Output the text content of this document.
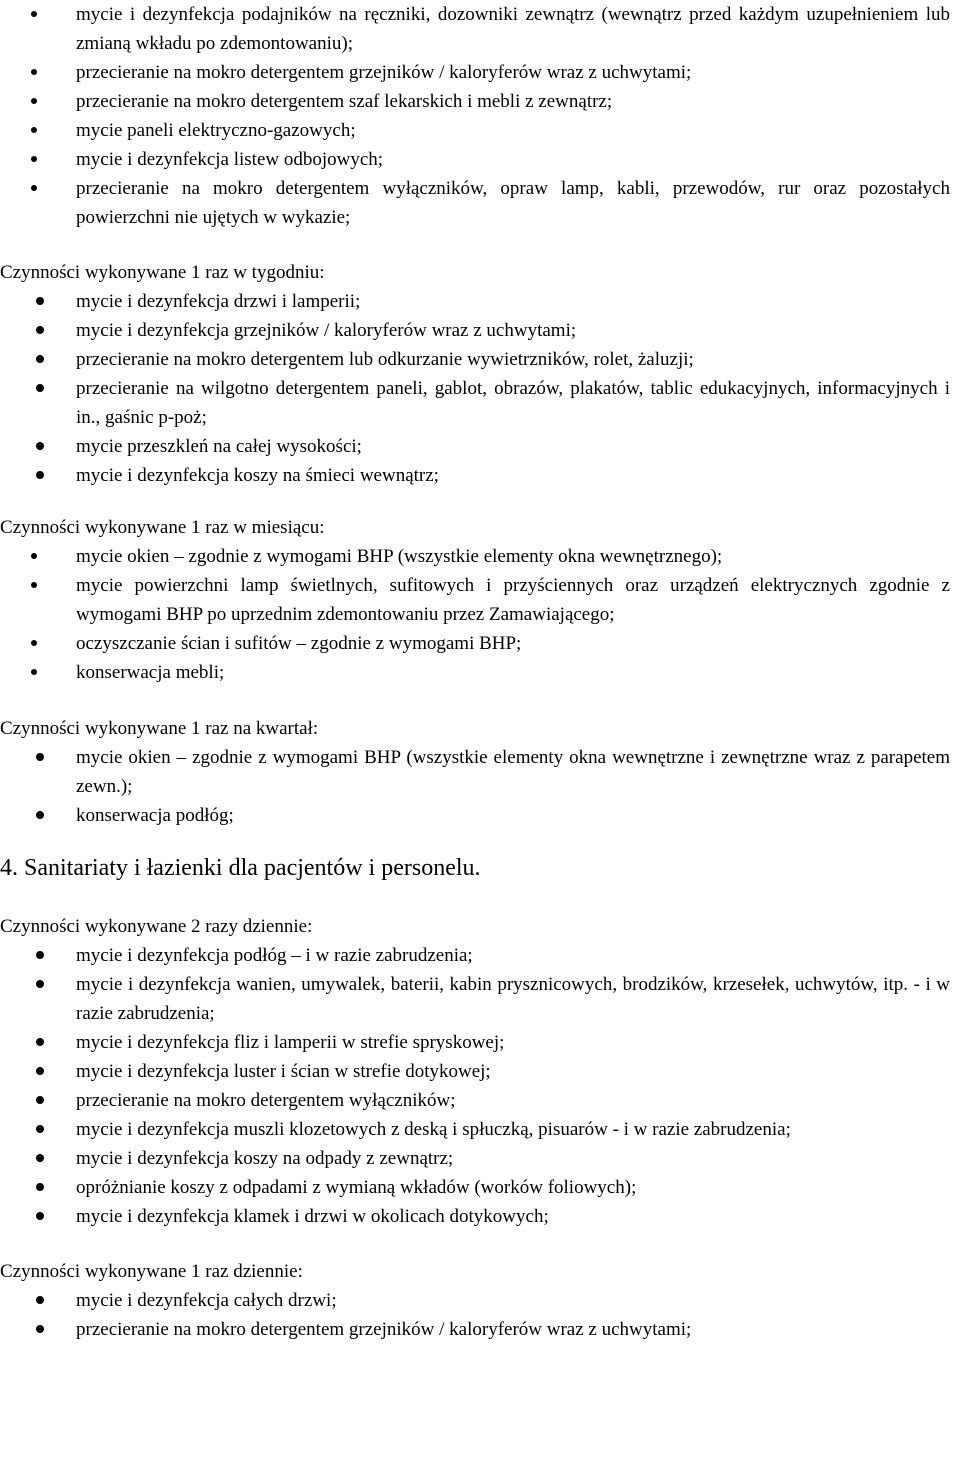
mycie i dezynfekcja podajników na ręczniki, dozowniki zewnątrz (wewnątrz przed każdym uzupełnieniem lub zmianą wkładu po zdemontowaniu);
przecieranie na mokro detergentem grzejników / kaloryferów wraz z uchwytami;
przecieranie na mokro detergentem szaf lekarskich i mebli z zewnątrz;
mycie paneli elektryczno-gazowych;
mycie i dezynfekcja listew odbojowych;
przecieranie na mokro detergentem wyłączników, opraw lamp, kabli, przewodów, rur oraz pozostałych powierzchni nie ujętych w wykazie;
Czynności wykonywane 1 raz w tygodniu:
mycie i dezynfekcja drzwi i lamperii;
mycie i dezynfekcja grzejników / kaloryferów wraz z uchwytami;
przecieranie na mokro detergentem lub odkurzanie wywietrzników, rolet, żaluzji;
przecieranie na wilgotno detergentem paneli, gablot, obrazów, plakatów, tablic edukacyjnych, informacyjnych i in., gaśnic p-poż;
mycie przeszkleń na całej wysokości;
mycie i dezynfekcja koszy na śmieci wewnątrz;
Czynności wykonywane 1 raz w miesiącu:
mycie okien – zgodnie z wymogami BHP (wszystkie elementy okna wewnętrznego);
mycie powierzchni lamp świetlnych, sufitowych i przyściennych oraz urządzeń elektrycznych zgodnie z wymogami BHP po uprzednim zdemontowaniu przez Zamawiającego;
oczyszczanie ścian i sufitów – zgodnie z wymogami BHP;
konserwacja mebli;
Czynności wykonywane 1 raz na kwartał:
mycie okien – zgodnie z wymogami BHP (wszystkie elementy okna wewnętrzne i zewnętrzne wraz z parapetem zewn.);
konserwacja podłóg;
4. Sanitariaty i łazienki dla pacjentów i personelu.
Czynności wykonywane 2 razy dziennie:
mycie i dezynfekcja podłóg – i w razie zabrudzenia;
mycie i dezynfekcja wanien, umywalek, baterii, kabin prysznicowych, brodzików, krzesełek, uchwytów, itp. - i w razie zabrudzenia;
mycie i dezynfekcja fliz i lamperii w strefie spryskowej;
mycie i dezynfekcja luster i ścian w strefie dotykowej;
przecieranie na mokro detergentem wyłączników;
mycie i dezynfekcja muszli klozetowych z deską i spłuczką, pisuarów - i w razie zabrudzenia;
mycie i dezynfekcja koszy na odpady z zewnątrz;
opróżnianie koszy z odpadami z wymianą wkładów (worków foliowych);
mycie i dezynfekcja klamek i drzwi w okolicach dotykowych;
Czynności wykonywane 1 raz dziennie:
mycie i dezynfekcja całych drzwi;
przecieranie na mokro detergentem grzejników / kaloryferów wraz z uchwytami;
